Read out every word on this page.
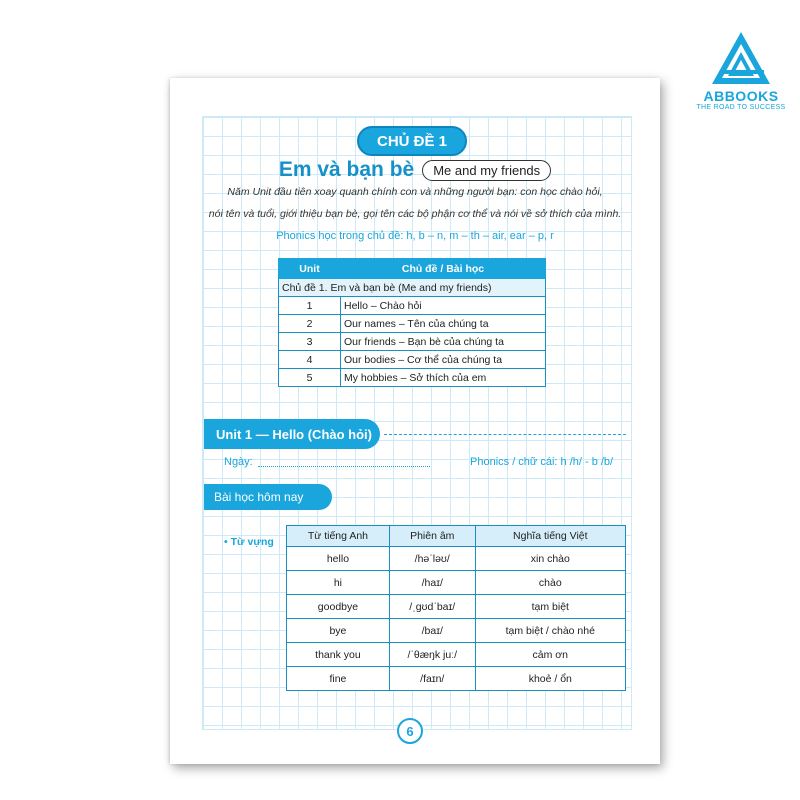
ABBOOKS
THE ROAD TO SUCCESS
CHỦ ĐỀ 1
Em và bạn bè	Me and my friends
Năm Unit đầu tiên xoay quanh chính con và những người bạn: con học chào hỏi,
nói tên và tuổi, giới thiệu bạn bè, gọi tên các bộ phận cơ thể và nói về sở thích của mình.
Phonics học trong chủ đề: h, b – n, m – th – air, ear – p, r
Unit	Chủ đề / Bài học
Chủ đề 1. Em và bạn bè (Me and my friends)	
1	Hello – Chào hỏi
2	Our names – Tên của chúng ta
3	Our friends – Bạn bè của chúng ta
4	Our bodies – Cơ thể của chúng ta
5	My hobbies – Sở thích của em
Unit 1 — Hello (Chào hỏi)
Ngày:	Phonics / chữ cái: h /h/ - b /b/
Bài học hôm nay
• Từ vựng	Từ tiếng Anh	Phiên âm	Nghĩa tiếng Việt
hello	/həˈləʊ/	xin chào
hi	/haɪ/	chào
goodbye	/ˌɡʊdˈbaɪ/	tạm biệt
bye	/baɪ/	tạm biệt / chào nhé
thank you	/ˈθæŋk juː/	cảm ơn
fine	/faɪn/	khoẻ / ổn
6
